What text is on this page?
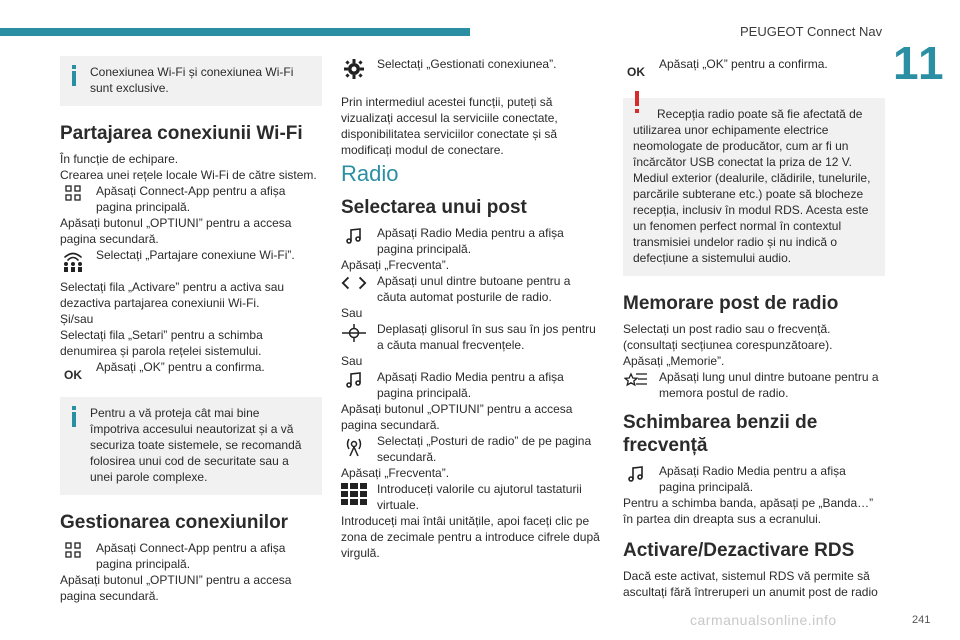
PEUGEOT Connect Nav
11

Conexiunea Wi-Fi și conexiunea Wi-Fi sunt exclusive.

Partajarea conexiunii Wi-Fi

În funcție de echipare.

Crearea unei rețele locale Wi-Fi de către sistem.

Apăsați Connect-App pentru a afișa pagina principală.

Apăsați butonul „OPTIUNI” pentru a accesa pagina secundară.

Selectați „Partajare conexiune Wi-Fi”.

Selectați fila „Activare” pentru a activa sau dezactiva partajarea conexiunii Wi-Fi.

Și/sau

Selectați fila „Setari” pentru a schimba denumirea și parola rețelei sistemului.

OK

Apăsați „OK” pentru a confirma.

Pentru a vă proteja cât mai bine împotriva accesului neautorizat și a vă securiza toate sistemele, se recomandă folosirea unui cod de securitate sau a unei parole complexe.

Gestionarea conexiunilor

Apăsați Connect-App pentru a afișa pagina principală.

Apăsați butonul „OPTIUNI” pentru a accesa pagina secundară.

Selectați „Gestionati conexiunea”.

Prin intermediul acestei funcții, puteți să vizualizați accesul la serviciile conectate, disponibilitatea serviciilor conectate și să modificați modul de conectare.

Radio
Selectarea unui post

Apăsați Radio Media pentru a afișa pagina principală.

Apăsați „Frecventa”.

Apăsați unul dintre butoane pentru a căuta automat posturile de radio.

Sau

Deplasați glisorul în sus sau în jos pentru a căuta manual frecvențele.

Sau

Apăsați Radio Media pentru a afișa pagina principală.

Apăsați butonul „OPTIUNI” pentru a accesa pagina secundară.

Selectați „Posturi de radio” de pe pagina secundară.

Apăsați „Frecventa”.

Introduceți valorile cu ajutorul tastaturii virtuale.

Introduceți mai întâi unitățile, apoi faceți clic pe zona de zecimale pentru a introduce cifrele după virgulă.

OK

Apăsați „OK” pentru a confirma.

Recepția radio poate să fie afectată de utilizarea unor echipamente electrice neomologate de producător, cum ar fi un încărcător USB conectat la priza de 12 V. Mediul exterior (dealurile, clădirile, tunelurile, parcările subterane etc.) poate să blocheze recepția, inclusiv în modul RDS. Acesta este un fenomen perfect normal în contextul transmisiei undelor radio și nu indică o defecțiune a sistemului audio.

Memorare post de radio

Selectați un post radio sau o frecvență. (consultați secțiunea corespunzătoare).

Apăsați „Memorie”.

Apăsați lung unul dintre butoane pentru a memora postul de radio.

Schimbarea benzii de frecvență

Apăsați Radio Media pentru a afișa pagina principală.

Pentru a schimba banda, apăsați pe „Banda…” în partea din dreapta sus a ecranului.

Activare/Dezactivare RDS

Dacă este activat, sistemul RDS vă permite să ascultați fără întreruperi un anumit post de radio

carmanualsonline.info	241
